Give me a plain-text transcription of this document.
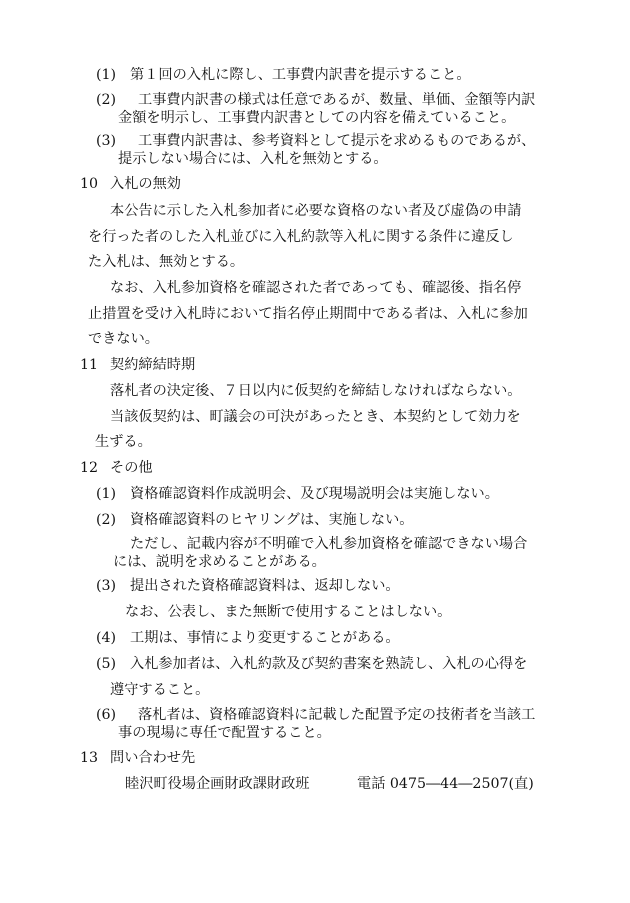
(1) 第１回の入札に際し、工事費内訳書を提示すること。
(2) 工事費内訳書の様式は任意であるが、数量、単価、金額等内訳
金額を明示し、工事費内訳書としての内容を備えていること。
(3) 工事費内訳書は、参考資料として提示を求めるものであるが、
提示しない場合には、入札を無効とする。
10 入札の無効
本公告に示した入札参加者に必要な資格のない者及び虚偽の申請
を行った者のした入札並びに入札約款等入札に関する条件に違反し
た入札は、無効とする。
なお、入札参加資格を確認された者であっても、確認後、指名停
止措置を受け入札時において指名停止期間中である者は、入札に参加
できない。
11 契約締結時期
落札者の決定後、７日以内に仮契約を締結しなければならない。
当該仮契約は、町議会の可決があったとき、本契約として効力を
生ずる。
12 その他
(1) 資格確認資料作成説明会、及び現場説明会は実施しない。
(2) 資格確認資料のヒヤリングは、実施しない。
ただし、記載内容が不明確で入札参加資格を確認できない場合
には、説明を求めることがある。
(3) 提出された資格確認資料は、返却しない。
なお、公表し、また無断で使用することはしない。
(4) 工期は、事情により変更することがある。
(5) 入札参加者は、入札約款及び契約書案を熟読し、入札の心得を
遵守すること。
(6) 落札者は、資格確認資料に記載した配置予定の技術者を当該工
事の現場に専任で配置すること。
13 問い合わせ先
睦沢町役場企画財政課財政班	電話 0475―44―2507(直)
